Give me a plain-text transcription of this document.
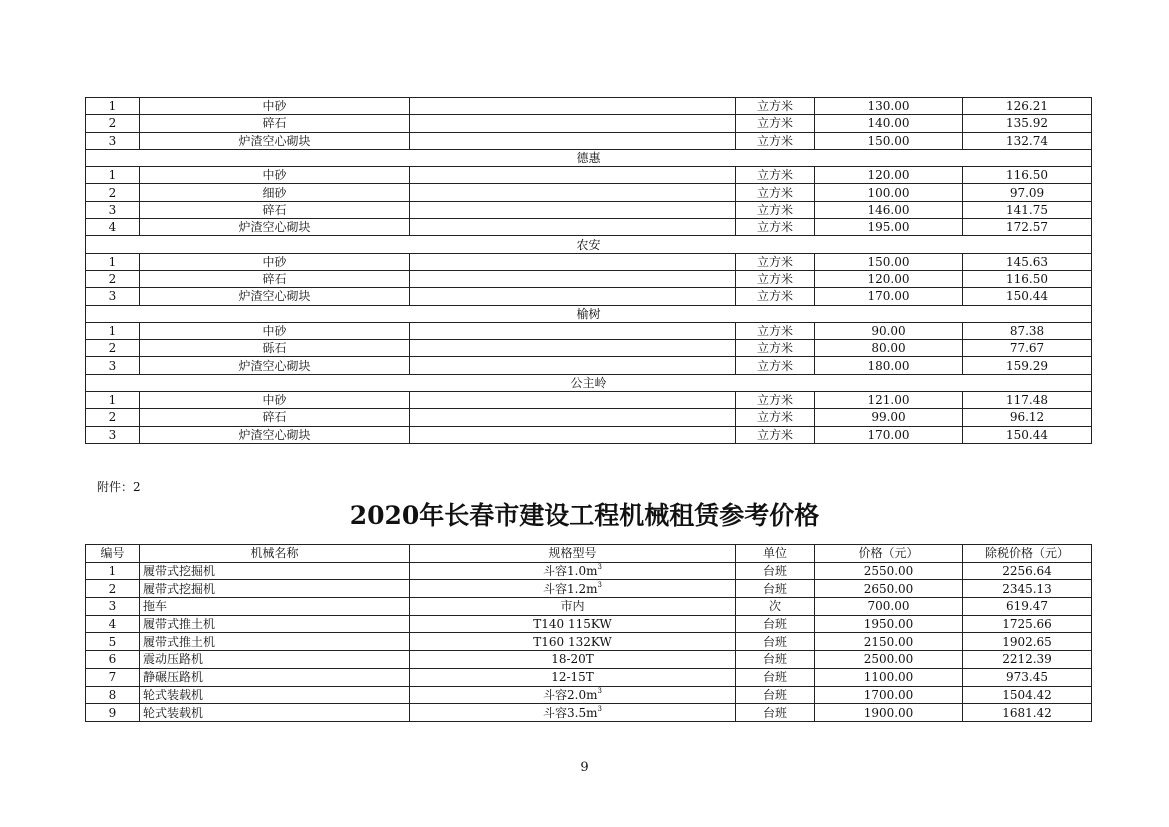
1	中砂		立方米	130.00	126.21
2	碎石		立方米	140.00	135.92
3	炉渣空心砌块		立方米	150.00	132.74
德惠					
1	中砂		立方米	120.00	116.50
2	细砂		立方米	100.00	97.09
3	碎石		立方米	146.00	141.75
4	炉渣空心砌块		立方米	195.00	172.57
农安					
1	中砂		立方米	150.00	145.63
2	碎石		立方米	120.00	116.50
3	炉渣空心砌块		立方米	170.00	150.44
榆树					
1	中砂		立方米	90.00	87.38
2	砾石		立方米	80.00	77.67
3	炉渣空心砌块		立方米	180.00	159.29
公主岭					
1	中砂		立方米	121.00	117.48
2	碎石		立方米	99.00	96.12
3	炉渣空心砌块		立方米	170.00	150.44
附件：2
2020年长春市建设工程机械租赁参考价格
编号	机械名称	规格型号	单位	价格（元）	除税价格（元）
1	履带式挖掘机	斗容$1.0m^3$	台班	2550.00	2256.64
2	履带式挖掘机	斗容$1.2m^3$	台班	2650.00	2345.13
3	拖车	市内	次	700.00	619.47
4	履带式推土机	T140 115KW	台班	1950.00	1725.66
5	履带式推土机	T160 132KW	台班	2150.00	1902.65
6	震动压路机	18-20T	台班	2500.00	2212.39
7	静碾压路机	12-15T	台班	1100.00	973.45
8	轮式装载机	斗容$2.0m^3$	台班	1700.00	1504.42
9	轮式装载机	斗容$3.5m^3$	台班	1900.00	1681.42
9
